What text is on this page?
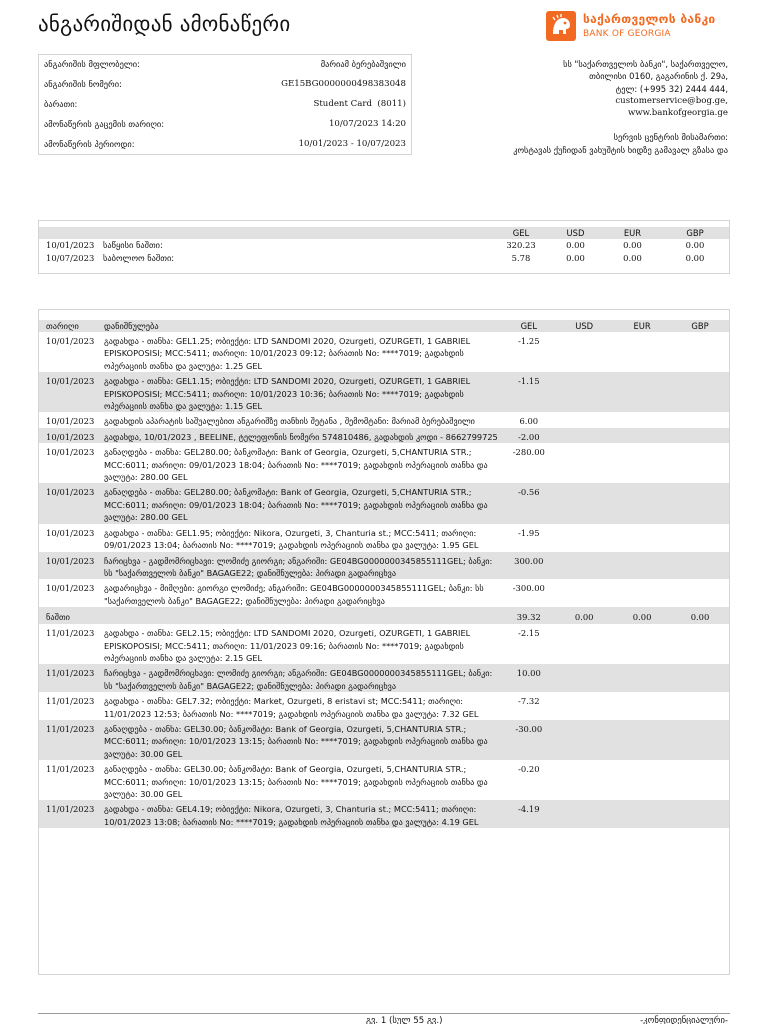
ანგარიშიდან ამონაწერი	საქართველოს ბანკი
BANK OF GEORGIA
ანგარიშის მფლობელი:	მარიამ ბერებაშვილი
ანგარიშის ნომერი:	GE15BG0000000498383048
ბარათი:	Student Card  (8011)
ამონაწერის გაცემის თარიღი:	10/07/2023 14:20
ამონაწერის პერიოდი:	10/01/2023 - 10/07/2023
სს "საქართველოს ბანკი", საქართველო,
თბილისი 0160, გაგარინის ქ. 29ა,
ტელ: (+995 32) 2444 444,
customerservice@bog.ge,
www.bankofgeorgia.ge
სერვის ცენტრის მისამართი:
კოსტავას ქუჩიდან ვახუშტის ხიდზე გამავალ გზასა და
		GEL	USD	EUR	GBP
10/01/2023	საწყისი ნაშთი:	320.23	0.00	0.00	0.00
10/07/2023	საბოლოო ნაშთი:	5.78	0.00	0.00	0.00
თარიღი	დანიშნულება	GEL	USD	EUR	GBP
10/01/2023	გადახდა - თანხა: GEL1.25; ობიექტი: LTD SANDOMI 2020, Ozurgeti, OZURGETI, 1 GABRIEL EPISKOPOSISI; MCC:5411; თარიღი: 10/01/2023 09:12; ბარათის No: ****7019; გადახდის ოპერაციის თანხა და ვალუტა: 1.25 GEL	-1.25			
10/01/2023	გადახდა - თანხა: GEL1.15; ობიექტი: LTD SANDOMI 2020, Ozurgeti, OZURGETI, 1 GABRIEL EPISKOPOSISI; MCC:5411; თარიღი: 10/01/2023 10:36; ბარათის No: ****7019; გადახდის ოპერაციის თანხა და ვალუტა: 1.15 GEL	-1.15			
10/01/2023	გადახდის აპარატის საშუალებით ანგარიშზე თანხის შეტანა , შემომტანი: მარიამ ბერებაშვილი	6.00			
10/01/2023	გადახდა, 10/01/2023 , BEELINE, ტელეფონის ნომერი 574810486, გადახდის კოდი - 8662799725	-2.00			
10/01/2023	განაღდება - თანხა: GEL280.00; ბანკომატი: Bank of Georgia, Ozurgeti, 5,CHANTURIA STR.; MCC:6011; თარიღი: 09/01/2023 18:04; ბარათის No: ****7019; გადახდის ოპერაციის თანხა და ვალუტა: 280.00 GEL	-280.00			
10/01/2023	განაღდება - თანხა: GEL280.00; ბანკომატი: Bank of Georgia, Ozurgeti, 5,CHANTURIA STR.; MCC:6011; თარიღი: 09/01/2023 18:04; ბარათის No: ****7019; გადახდის ოპერაციის თანხა და ვალუტა: 280.00 GEL	-0.56			
10/01/2023	გადახდა - თანხა: GEL1.95; ობიექტი: Nikora, Ozurgeti, 3, Chanturia st.; MCC:5411; თარიღი: 09/01/2023 13:04; ბარათის No: ****7019; გადახდის ოპერაციის თანხა და ვალუტა: 1.95 GEL	-1.95			
10/01/2023	ჩარიცხვა - გადმომრიცხავი: ლომიძე გიორგი; ანგარიში: GE04BG0000000345855111GEL; ბანკი: სს "საქართველოს ბანკი" BAGAGE22; დანიშნულება: პირადი გადარიცხვა	300.00			
10/01/2023	გადარიცხვა - მიმღები: გიორგი ლომიძე; ანგარიში: GE04BG0000000345855111GEL; ბანკი: სს "საქართველოს ბანკი" BAGAGE22; დანიშნულება: პირადი გადარიცხვა	-300.00			
ნაშთი		39.32	0.00	0.00	0.00
11/01/2023	გადახდა - თანხა: GEL2.15; ობიექტი: LTD SANDOMI 2020, Ozurgeti, OZURGETI, 1 GABRIEL EPISKOPOSISI; MCC:5411; თარიღი: 11/01/2023 09:16; ბარათის No: ****7019; გადახდის ოპერაციის თანხა და ვალუტა: 2.15 GEL	-2.15			
11/01/2023	ჩარიცხვა - გადმომრიცხავი: ლომიძე გიორგი; ანგარიში: GE04BG0000000345855111GEL; ბანკი: სს "საქართველოს ბანკი" BAGAGE22; დანიშნულება: პირადი გადარიცხვა	10.00			
11/01/2023	გადახდა - თანხა: GEL7.32; ობიექტი: Market, Ozurgeti, 8 eristavi st; MCC:5411; თარიღი: 11/01/2023 12:53; ბარათის No: ****7019; გადახდის ოპერაციის თანხა და ვალუტა: 7.32 GEL	-7.32			
11/01/2023	განაღდება - თანხა: GEL30.00; ბანკომატი: Bank of Georgia, Ozurgeti, 5,CHANTURIA STR.; MCC:6011; თარიღი: 10/01/2023 13:15; ბარათის No: ****7019; გადახდის ოპერაციის თანხა და ვალუტა: 30.00 GEL	-30.00			
11/01/2023	განაღდება - თანხა: GEL30.00; ბანკომატი: Bank of Georgia, Ozurgeti, 5,CHANTURIA STR.; MCC:6011; თარიღი: 10/01/2023 13:15; ბარათის No: ****7019; გადახდის ოპერაციის თანხა და ვალუტა: 30.00 GEL	-0.20			
11/01/2023	გადახდა - თანხა: GEL4.19; ობიექტი: Nikora, Ozurgeti, 3, Chanturia st.; MCC:5411; თარიღი: 10/01/2023 13:08; ბარათის No: ****7019; გადახდის ოპერაციის თანხა და ვალუტა: 4.19 GEL	-4.19			
გვ. 1 (სულ 55 გვ.)	-კონფიდენციალური-
